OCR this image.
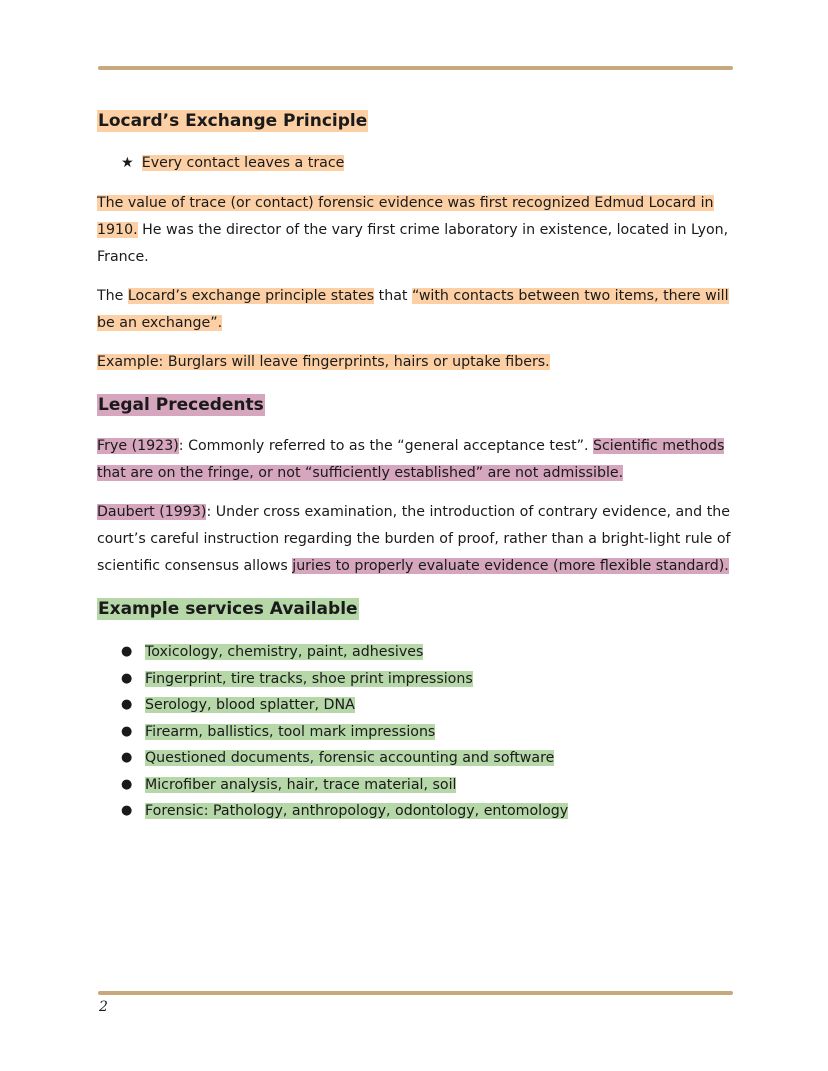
Locard’s Exchange Principle
★ Every contact leaves a trace

The value of trace (or contact) forensic evidence was first recognized Edmud Locard in 1910. He was the director of the vary first crime laboratory in existence, located in Lyon, France.

The Locard’s exchange principle states that “with contacts between two items, there will be an exchange”.

Example: Burglars will leave fingerprints, hairs or uptake fibers.

Legal Precedents

Frye (1923): Commonly referred to as the “general acceptance test”. Scientific methods that are on the fringe, or not “sufficiently established” are not admissible.

Daubert (1993): Under cross examination, the introduction of contrary evidence, and the court’s careful instruction regarding the burden of proof, rather than a bright-light rule of scientific consensus allows juries to properly evaluate evidence (more flexible standard).

Example services Available
● Toxicology, chemistry, paint, adhesives
● Fingerprint, tire tracks, shoe print impressions
● Serology, blood splatter, DNA
● Firearm, ballistics, tool mark impressions
● Questioned documents, forensic accounting and software
● Microfiber analysis, hair, trace material, soil
● Forensic: Pathology, anthropology, odontology, entomology
2
